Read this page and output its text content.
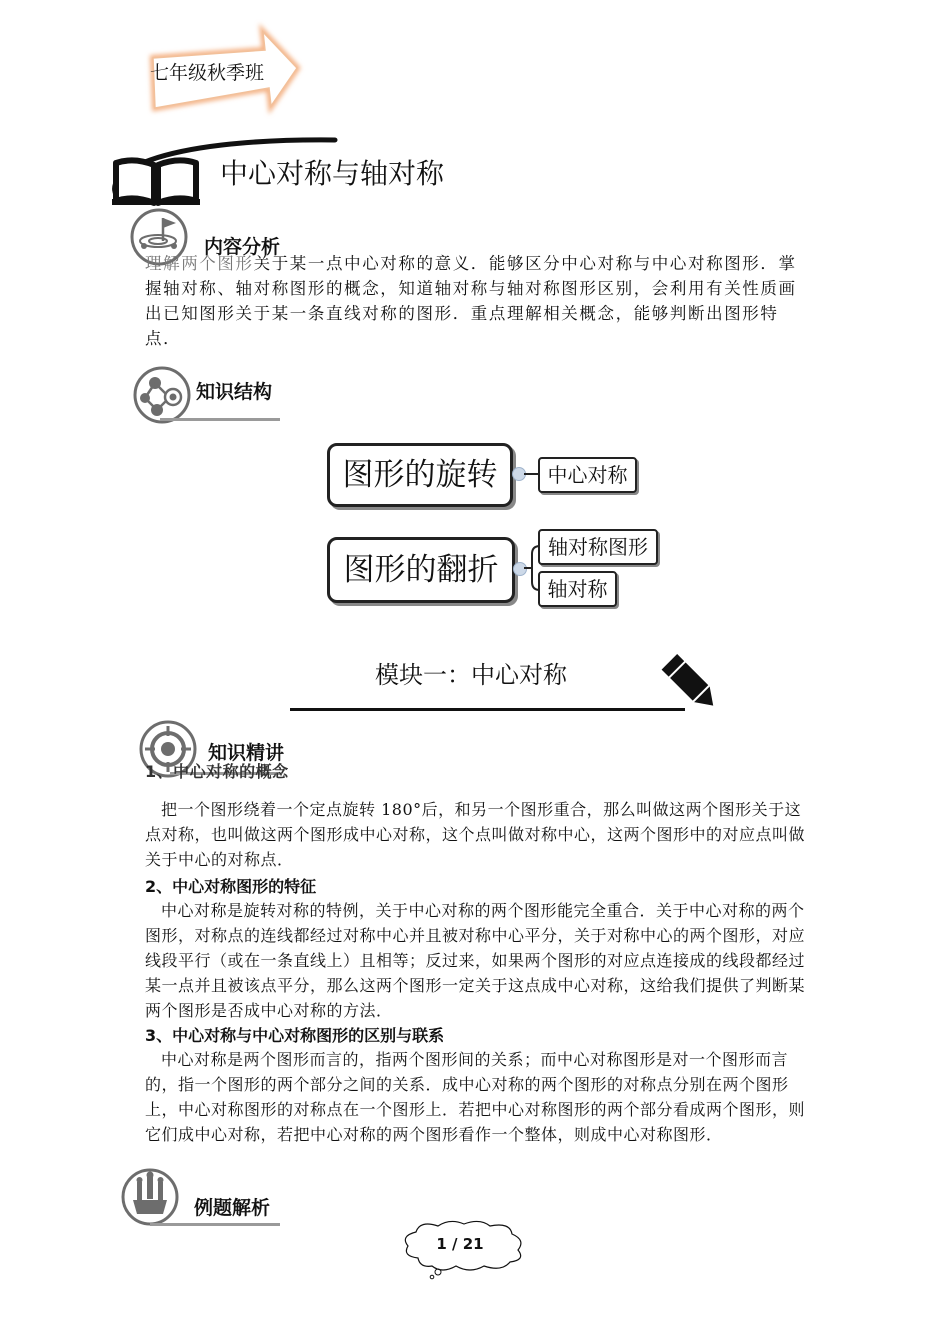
七年级秋季班
中心对称与轴对称
内容分析
理解两个图形关于某一点中心对称的意义．能够区分中心对称与中心对称图形．掌握轴对称、轴对称图形的概念，知道轴对称与轴对称图形区别，会利用有关性质画出已知图形关于某一条直线对称的图形．重点理解相关概念，能够判断出图形特点．
知识结构
图形的旋转	中心对称
图形的翻折
轴对称图形
轴对称
模块一：中心对称
知识精讲
1、中心对称的概念
把一个图形绕着一个定点旋转 180°后，和另一个图形重合，那么叫做这两个图形关于这点对称，也叫做这两个图形成中心对称，这个点叫做对称中心，这两个图形中的对应点叫做关于中心的对称点．
2、中心对称图形的特征
中心对称是旋转对称的特例，关于中心对称的两个图形能完全重合．关于中心对称的两个图形，对称点的连线都经过对称中心并且被对称中心平分，关于对称中心的两个图形，对应线段平行（或在一条直线上）且相等；反过来，如果两个图形的对应点连接成的线段都经过某一点并且被该点平分，那么这两个图形一定关于这点成中心对称，这给我们提供了判断某两个图形是否成中心对称的方法．
3、中心对称与中心对称图形的区别与联系
中心对称是两个图形而言的，指两个图形间的关系；而中心对称图形是对一个图形而言的，指一个图形的两个部分之间的关系．成中心对称的两个图形的对称点分别在两个图形上，中心对称图形的对称点在一个图形上．若把中心对称图形的两个部分看成两个图形，则它们成中心对称，若把中心对称的两个图形看作一个整体，则成中心对称图形．
例题解析
1 / 21
